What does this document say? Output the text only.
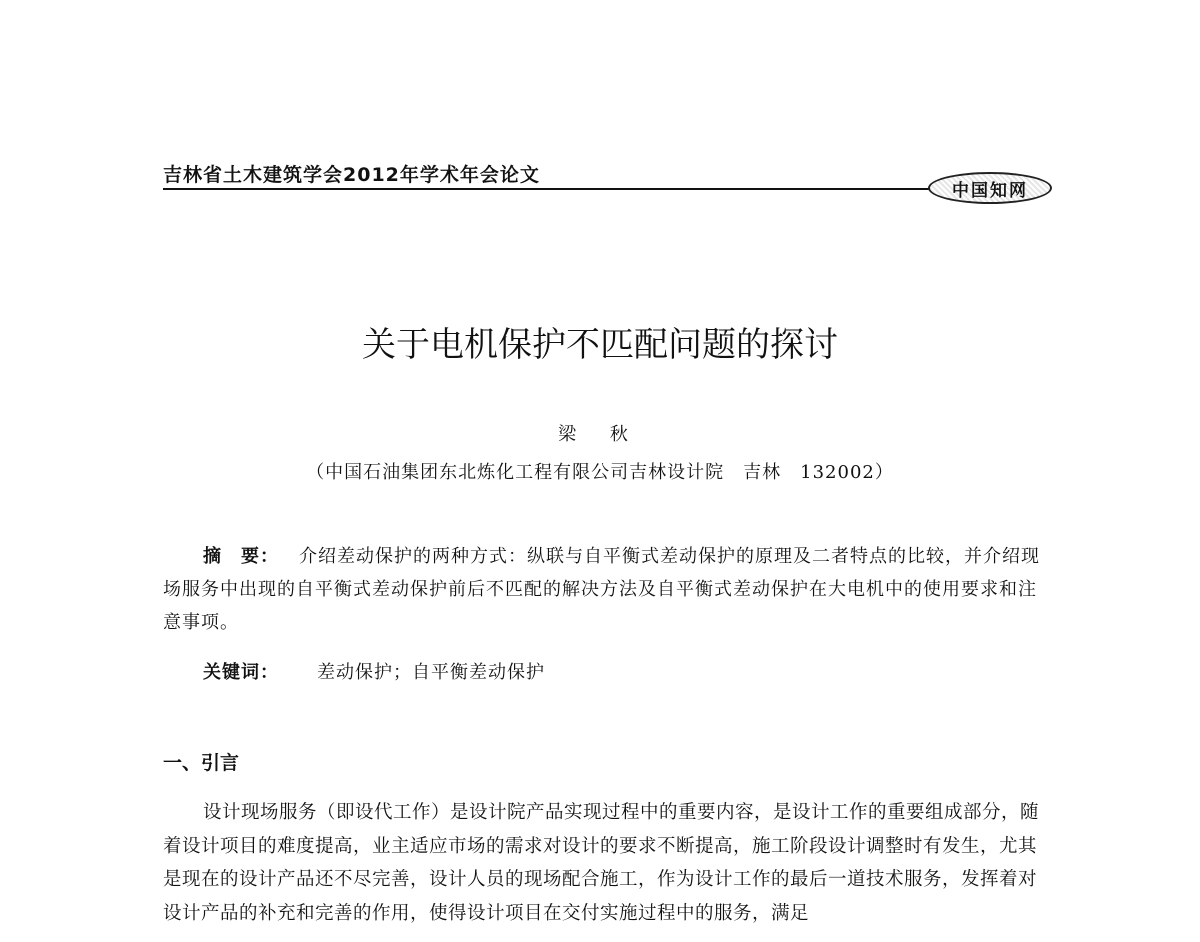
吉林省土木建筑学会2012年学术年会论文
中国知网
关于电机保护不匹配问题的探讨
梁 秋
（中国石油集团东北炼化工程有限公司吉林设计院　吉林　132002）
摘　要： 介绍差动保护的两种方式：纵联与自平衡式差动保护的原理及二者特点的比较，并介绍现场服务中出现的自平衡式差动保护前后不匹配的解决方法及自平衡式差动保护在大电机中的使用要求和注意事项。
关键词： 差动保护；自平衡差动保护
一、引言

设计现场服务（即设代工作）是设计院产品实现过程中的重要内容，是设计工作的重要组成部分，随着设计项目的难度提高，业主适应市场的需求对设计的要求不断提高，施工阶段设计调整时有发生，尤其是现在的设计产品还不尽完善，设计人员的现场配合施工，作为设计工作的最后一道技术服务，发挥着对设计产品的补充和完善的作用，使得设计项目在交付实施过程中的服务，满足
